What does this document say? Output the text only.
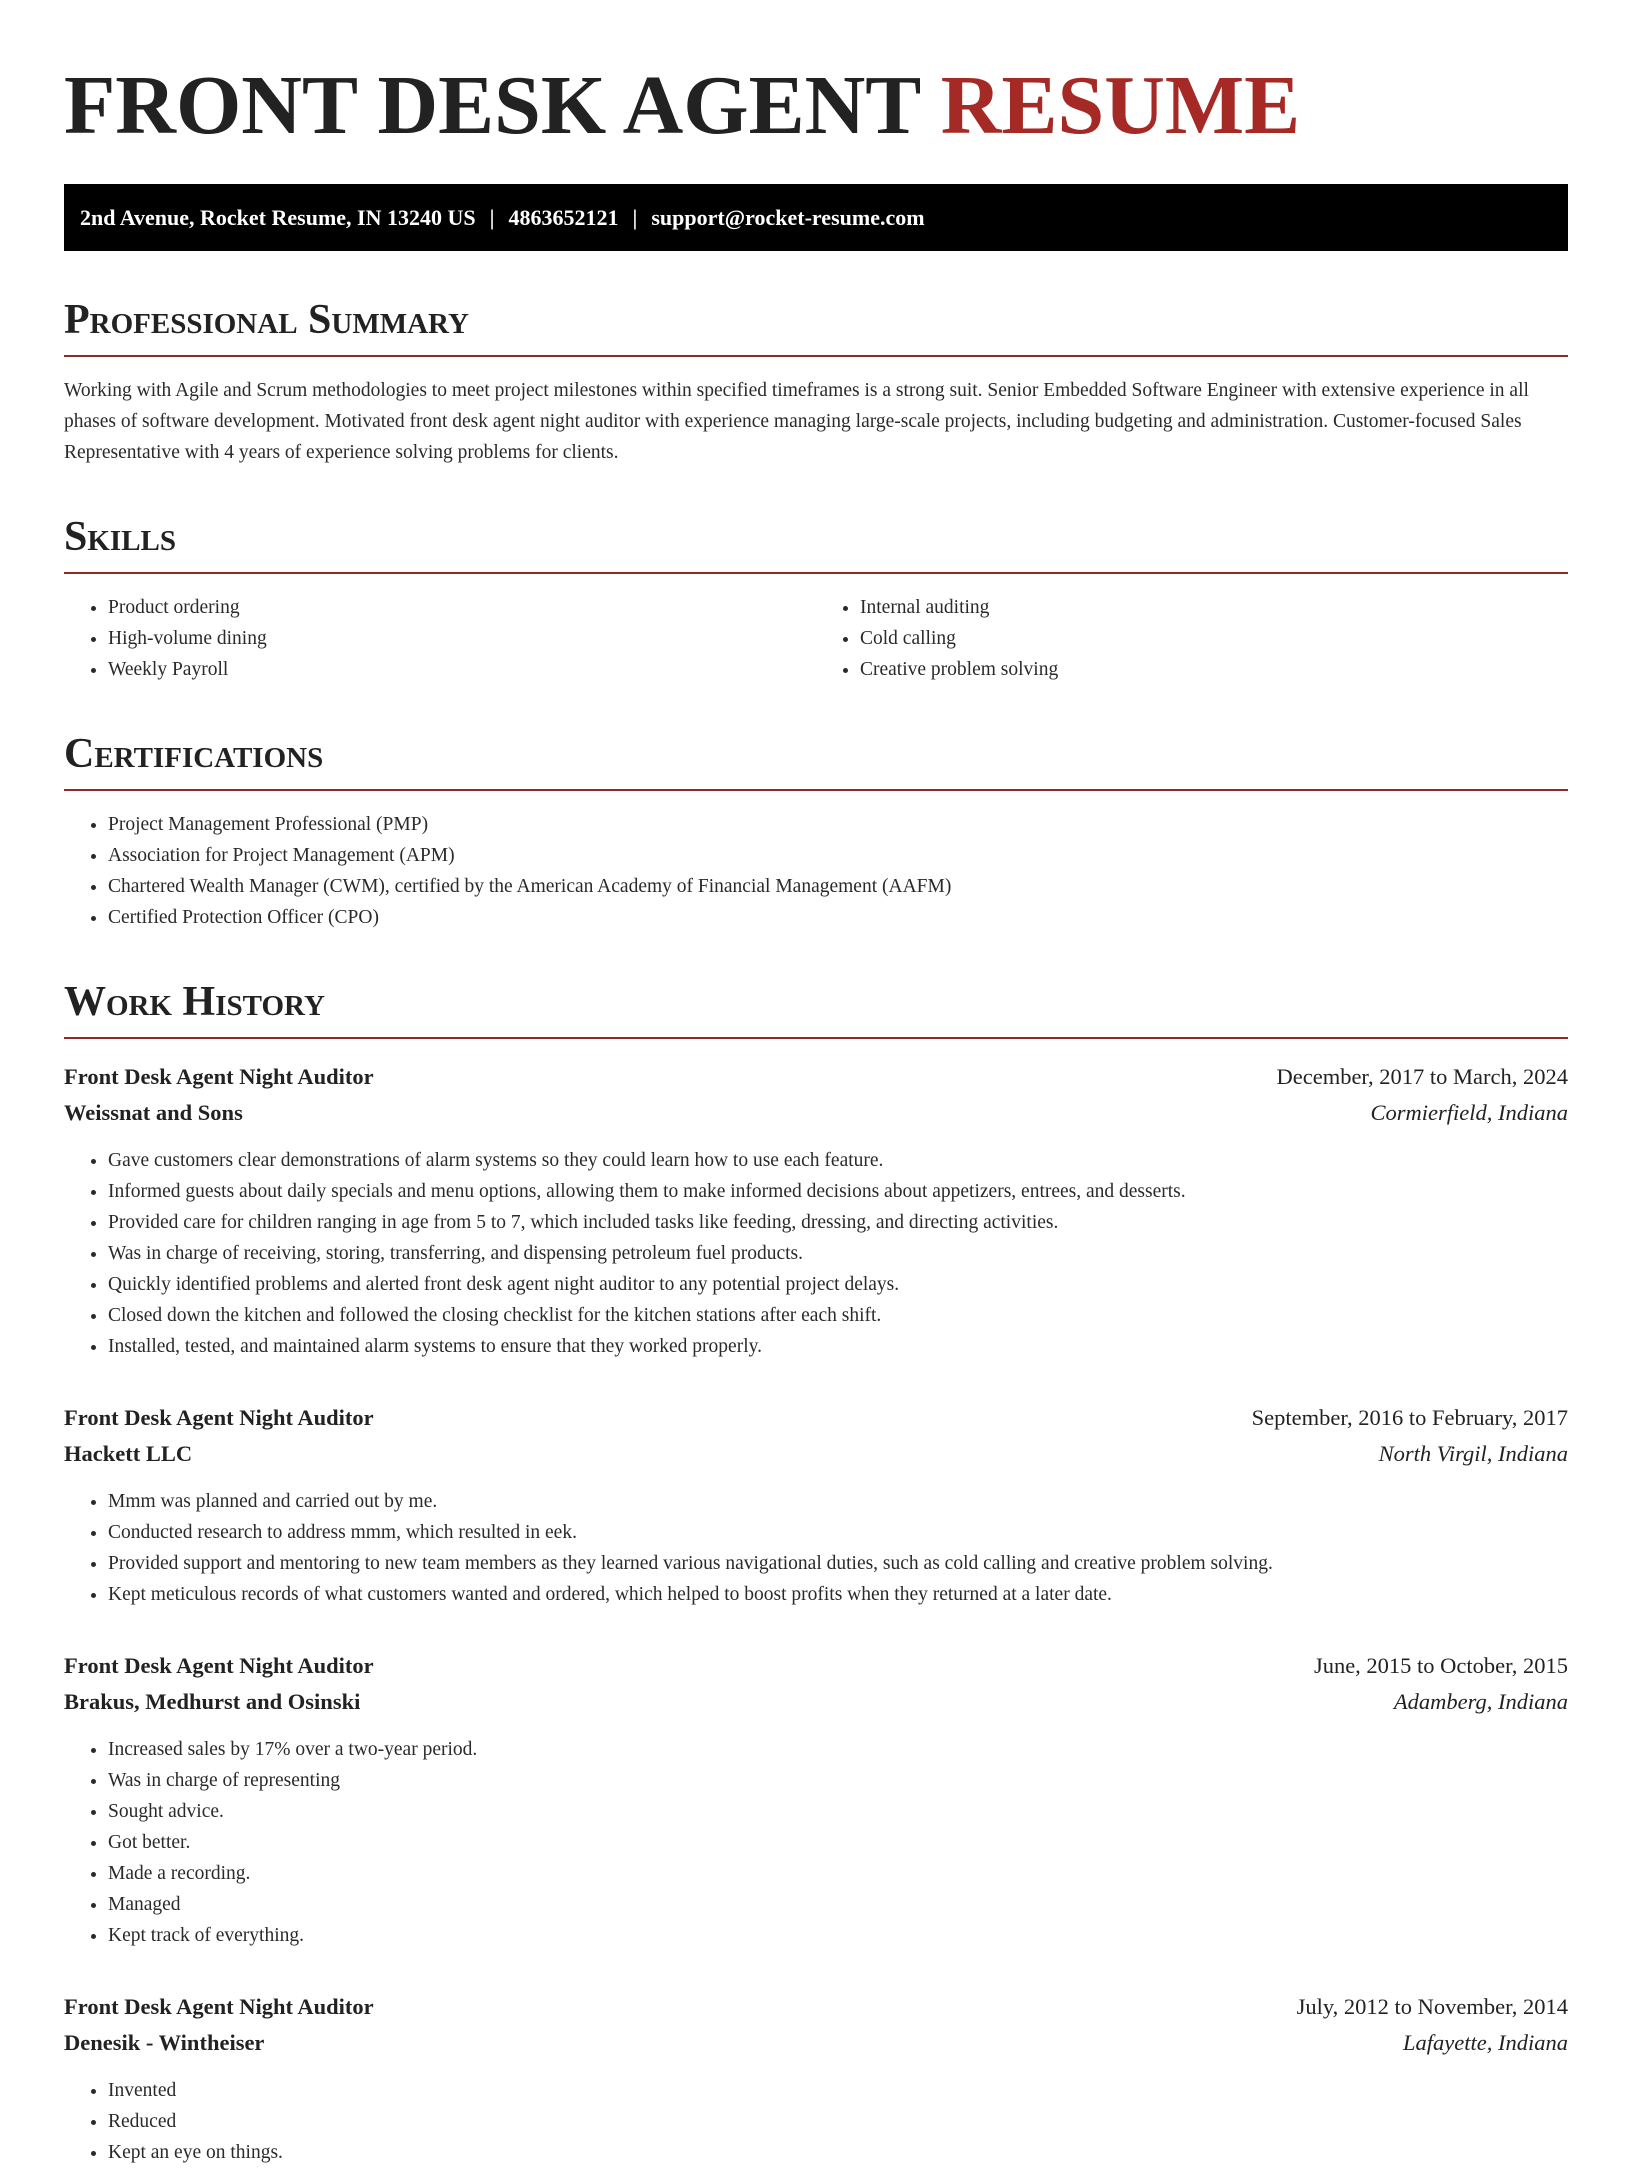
FRONT DESK AGENT RESUME
2nd Avenue, Rocket Resume, IN 13240 US | 4863652121 | support@rocket-resume.com
Professional Summary

Working with Agile and Scrum methodologies to meet project milestones within specified timeframes is a strong suit. Senior Embedded Software Engineer with extensive experience in all phases of software development. Motivated front desk agent night auditor with experience managing large-scale projects, including budgeting and administration. Customer-focused Sales Representative with 4 years of experience solving problems for clients.

Skills
• Product ordering
• High-volume dining
• Weekly Payroll
• Internal auditing
• Cold calling
• Creative problem solving
Certifications
• Project Management Professional (PMP)
• Association for Project Management (APM)
• Chartered Wealth Manager (CWM), certified by the American Academy of Financial Management (AAFM)
• Certified Protection Officer (CPO)
Work History
Front Desk Agent Night Auditor	December, 2017 to March, 2024
Weissnat and Sons	Cormierfield, Indiana
• Gave customers clear demonstrations of alarm systems so they could learn how to use each feature.
• Informed guests about daily specials and menu options, allowing them to make informed decisions about appetizers, entrees, and desserts.
• Provided care for children ranging in age from 5 to 7, which included tasks like feeding, dressing, and directing activities.
• Was in charge of receiving, storing, transferring, and dispensing petroleum fuel products.
• Quickly identified problems and alerted front desk agent night auditor to any potential project delays.
• Closed down the kitchen and followed the closing checklist for the kitchen stations after each shift.
• Installed, tested, and maintained alarm systems to ensure that they worked properly.
Front Desk Agent Night Auditor	September, 2016 to February, 2017
Hackett LLC	North Virgil, Indiana
• Mmm was planned and carried out by me.
• Conducted research to address mmm, which resulted in eek.
• Provided support and mentoring to new team members as they learned various navigational duties, such as cold calling and creative problem solving.
• Kept meticulous records of what customers wanted and ordered, which helped to boost profits when they returned at a later date.
Front Desk Agent Night Auditor	June, 2015 to October, 2015
Brakus, Medhurst and Osinski	Adamberg, Indiana
• Increased sales by 17% over a two-year period.
• Was in charge of representing
• Sought advice.
• Got better.
• Made a recording.
• Managed
• Kept track of everything.
Front Desk Agent Night Auditor	July, 2012 to November, 2014
Denesik - Wintheiser	Lafayette, Indiana
• Invented
• Reduced
• Kept an eye on things.
